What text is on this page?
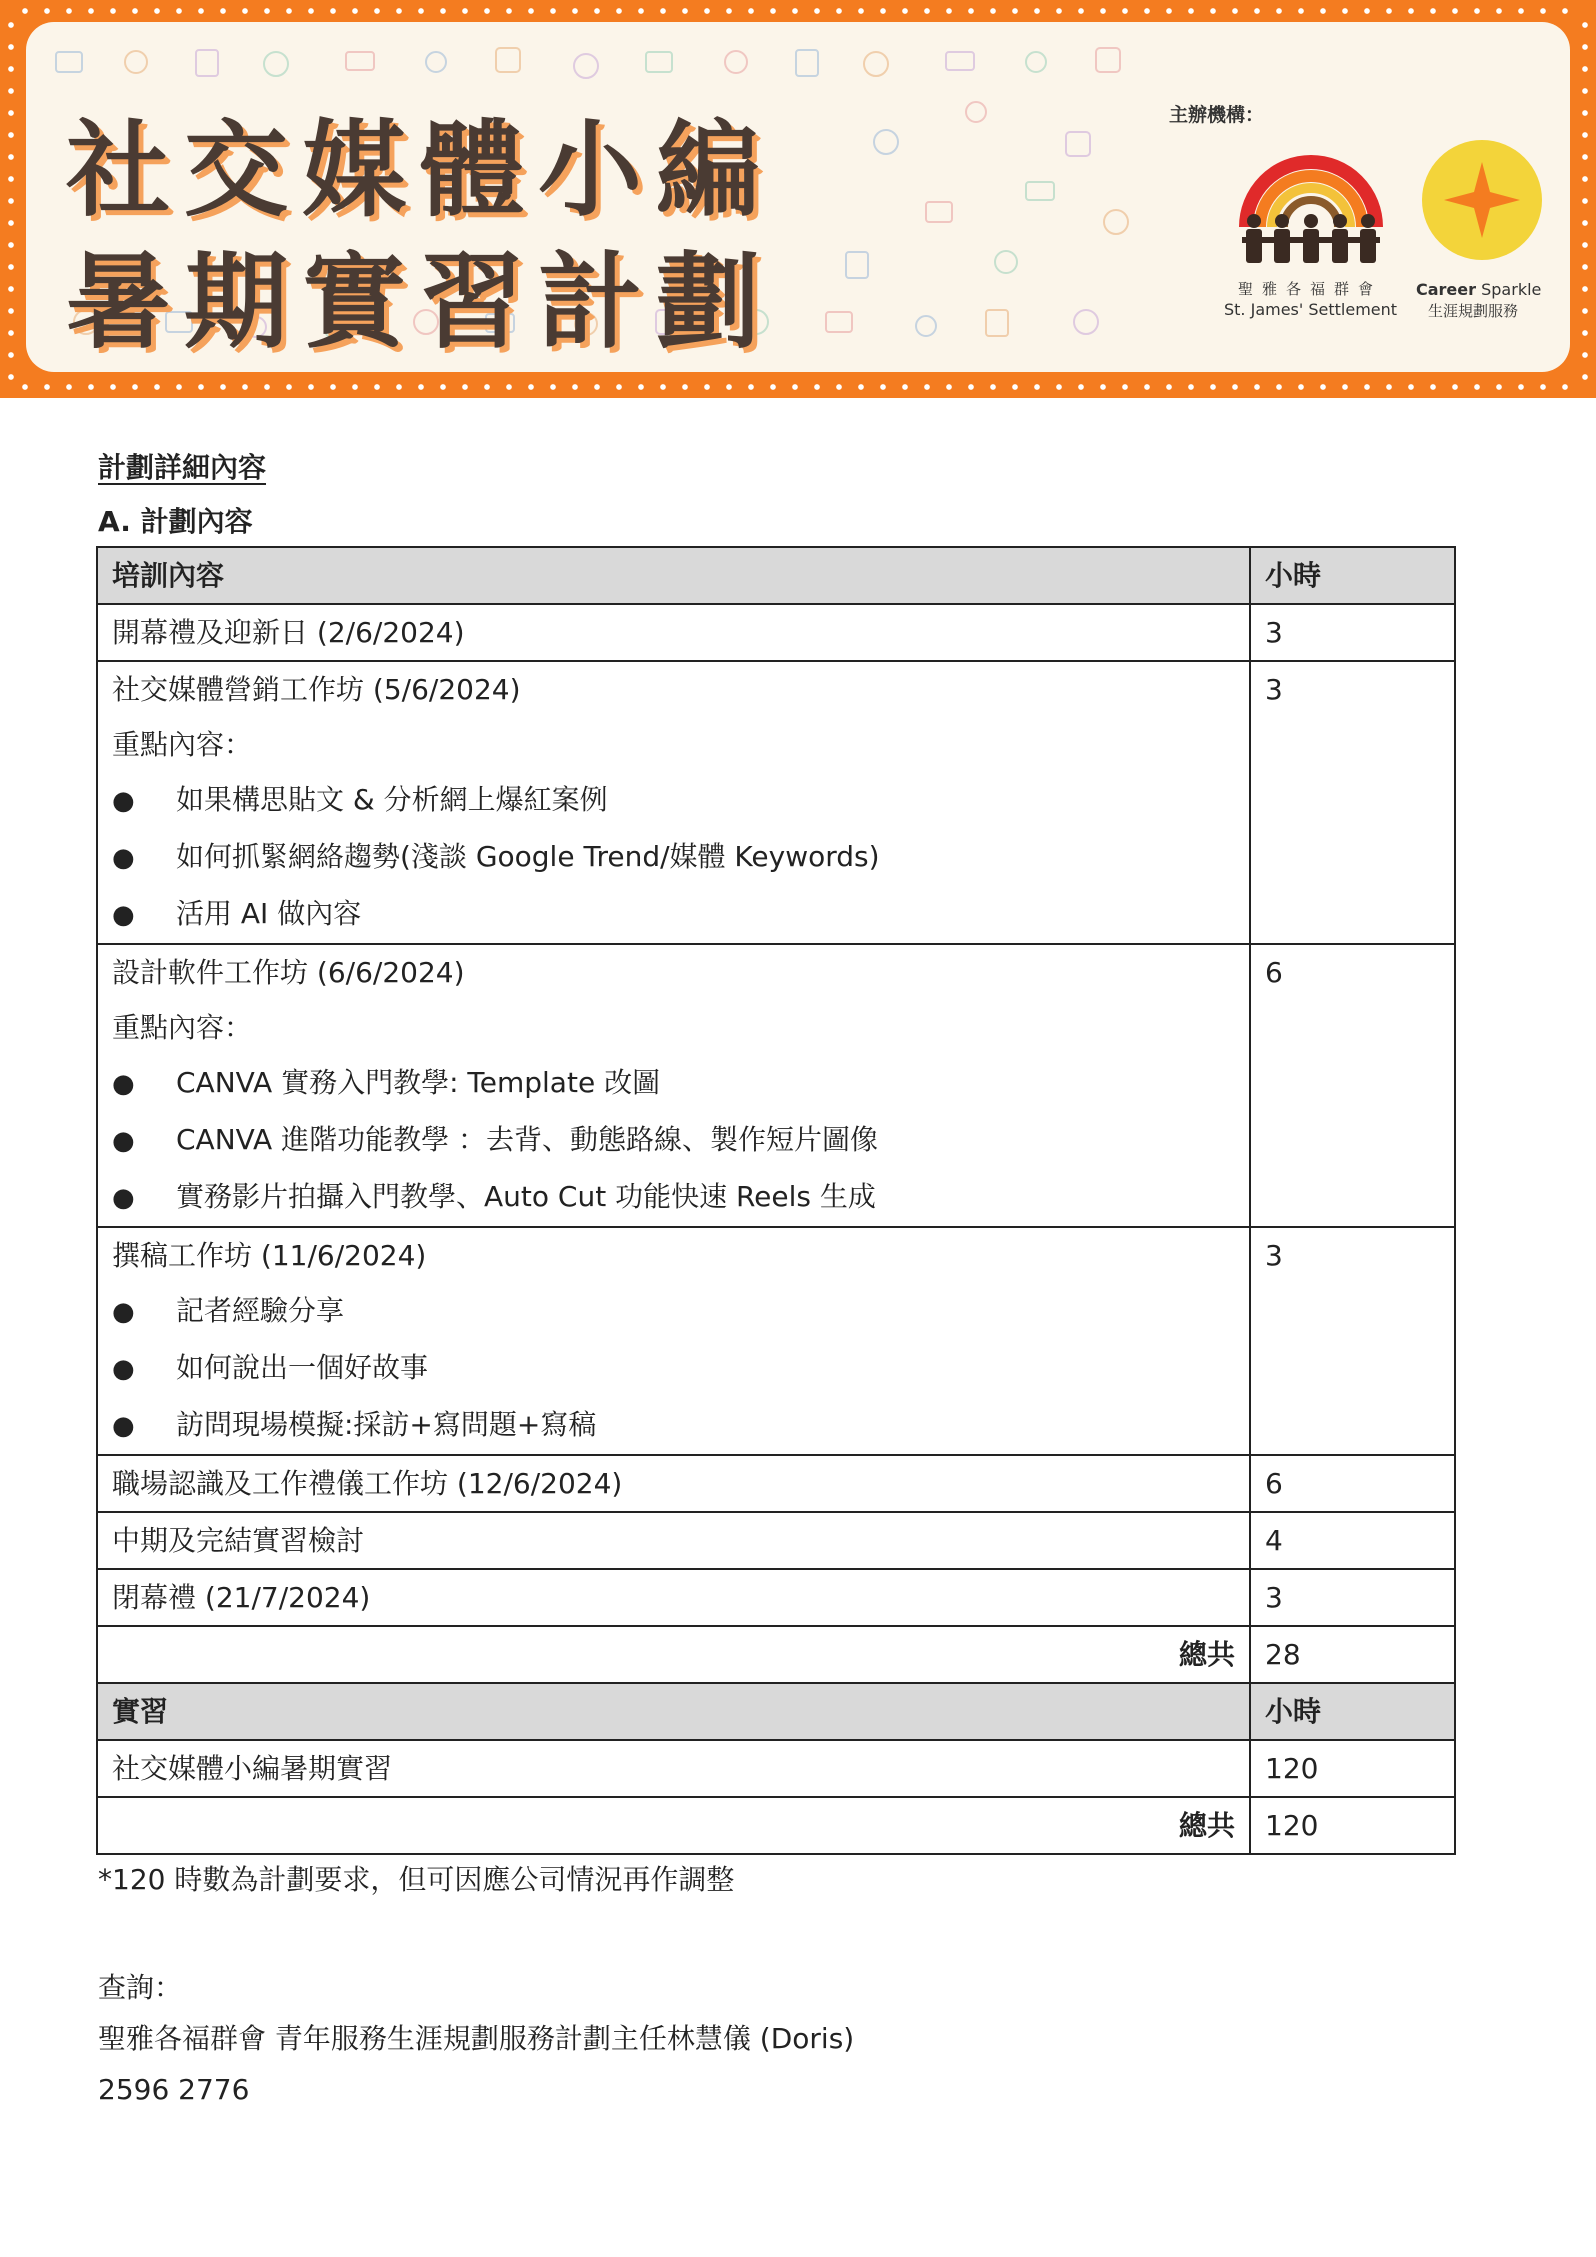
社交媒體小編
暑期實習計劃
主辦機構：
聖雅各福群會
St. James' Settlement
Career Sparkle
生涯規劃服務
計劃詳細內容
A. 計劃內容
培訓內容	小時

開幕禮及迎新日 (2/6/2024)	3

社交媒體營銷工作坊 (5/6/2024)
重點內容：
● 如果構思貼文 & 分析網上爆紅案例
● 如何抓緊網絡趨勢(淺談 Google Trend/媒體 Keywords)
● 活用 AI 做內容	3

設計軟件工作坊 (6/6/2024)
重點內容：
● CANVA 實務入門教學: Template 改圖
● CANVA 進階功能教學 ：去背、動態路線、製作短片圖像
● 實務影片拍攝入門教學、Auto Cut 功能快速 Reels 生成	6

撰稿工作坊 (11/6/2024)
● 記者經驗分享
● 如何說出一個好故事
● 訪問現場模擬:採訪+寫問題+寫稿	3

職場認識及工作禮儀工作坊 (12/6/2024)	6

中期及完結實習檢討	4

閉幕禮 (21/7/2024)	3
總共	28
實習	小時
社交媒體小編暑期實習	120
總共	120
*120 時數為計劃要求，但可因應公司情況再作調整
查詢：
聖雅各福群會 青年服務生涯規劃服務計劃主任林慧儀 (Doris)
2596 2776
